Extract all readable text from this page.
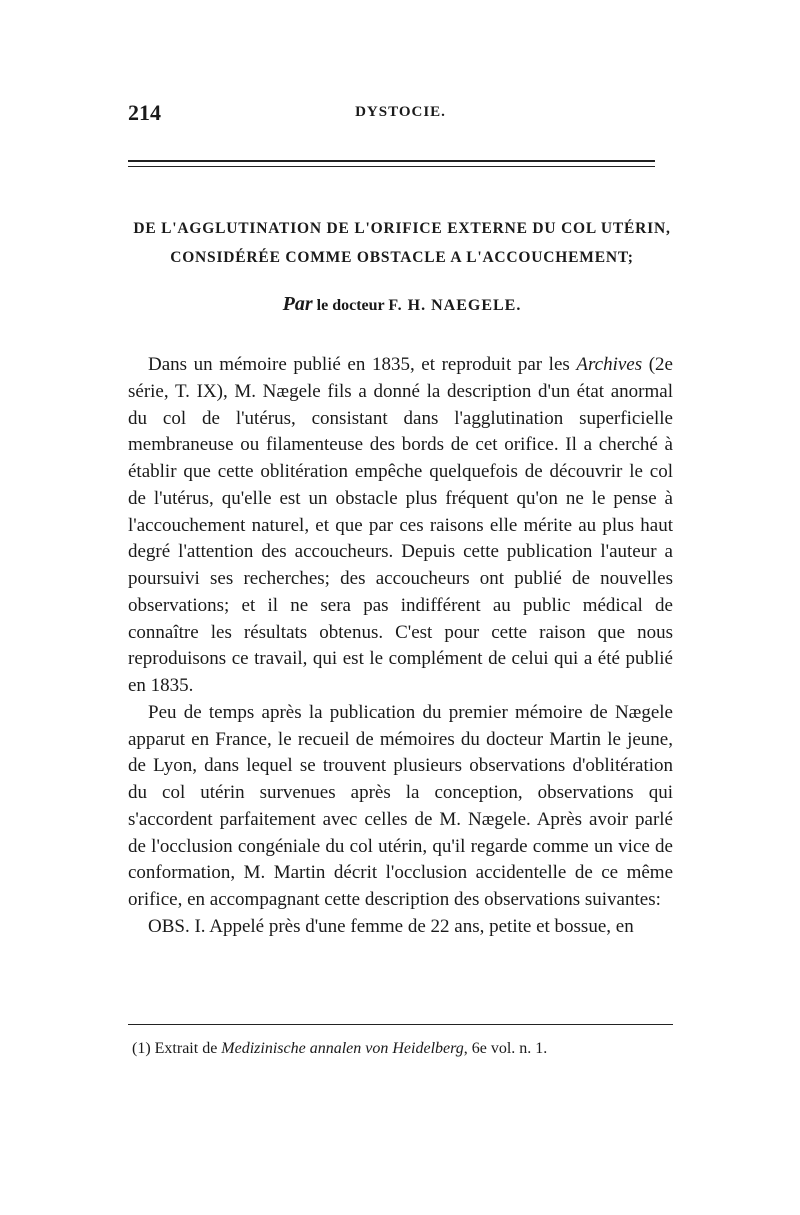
214	DYSTOCIE.
DE L'AGGLUTINATION DE L'ORIFICE EXTERNE DU COL UTÉRIN,
CONSIDÉRÉE COMME OBSTACLE A L'ACCOUCHEMENT;
Par le docteur F. H. NAEGELE.

Dans un mémoire publié en 1835, et reproduit par les Archives (2e série, T. IX), M. Nægele fils a donné la description d'un état anormal du col de l'utérus, consistant dans l'agglutination superficielle membraneuse ou filamenteuse des bords de cet orifice. Il a cherché à établir que cette oblitération empêche quelquefois de découvrir le col de l'utérus, qu'elle est un obstacle plus fréquent qu'on ne le pense à l'accouchement naturel, et que par ces raisons elle mérite au plus haut degré l'attention des accoucheurs. Depuis cette publication l'auteur a poursuivi ses recherches; des accoucheurs ont publié de nouvelles observations; et il ne sera pas indifférent au public médical de connaître les résultats obtenus. C'est pour cette raison que nous reproduisons ce travail, qui est le complément de celui qui a été publié en 1835.

Peu de temps après la publication du premier mémoire de Nægele apparut en France, le recueil de mémoires du docteur Martin le jeune, de Lyon, dans lequel se trouvent plusieurs observations d'oblitération du col utérin survenues après la conception, observations qui s'accordent parfaitement avec celles de M. Nægele. Après avoir parlé de l'occlusion congéniale du col utérin, qu'il regarde comme un vice de conformation, M. Martin décrit l'occlusion accidentelle de ce même orifice, en accompagnant cette description des observations suivantes:

OBS. I. Appelé près d'une femme de 22 ans, petite et bossue, en

(1) Extrait de Medizinische annalen von Heidelberg, 6e vol. n. 1.
